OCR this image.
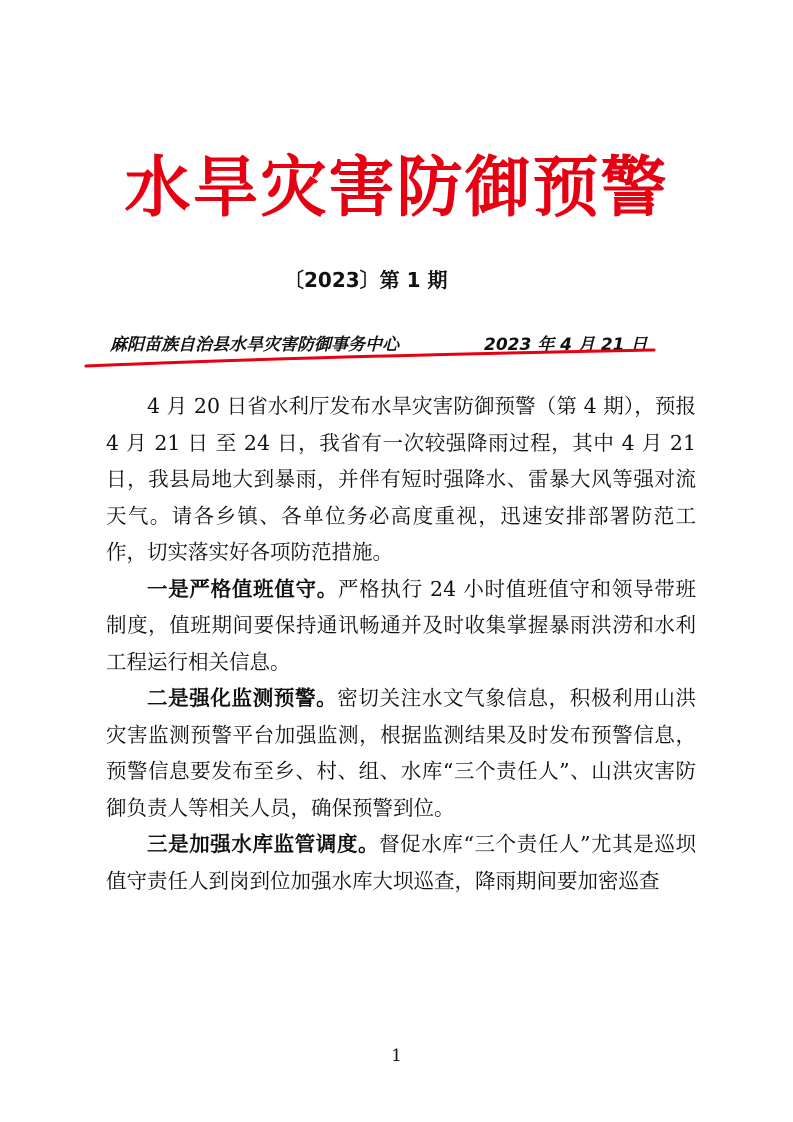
水旱灾害防御预警
〔2023〕第 1 期
麻阳苗族自治县水旱灾害防御事务中心	2023 年 4 月 21 日

4 月 20 日省水利厅发布水旱灾害防御预警（第 4 期），预报 4 月 21 日 至 24 日，我省有一次较强降雨过程，其中 4 月 21 日，我县局地大到暴雨，并伴有短时强降水、雷暴大风等强对流天气。请各乡镇、各单位务必高度重视，迅速安排部署防范工作，切实落实好各项防范措施。

一是严格值班值守。严格执行 24 小时值班值守和领导带班制度，值班期间要保持通讯畅通并及时收集掌握暴雨洪涝和水利工程运行相关信息。

二是强化监测预警。密切关注水文气象信息，积极利用山洪灾害监测预警平台加强监测，根据监测结果及时发布预警信息，预警信息要发布至乡、村、组、水库“三个责任人”、山洪灾害防御负责人等相关人员，确保预警到位。

三是加强水库监管调度。督促水库“三个责任人”尤其是巡坝值守责任人到岗到位加强水库大坝巡查，降雨期间要加密巡查

1
